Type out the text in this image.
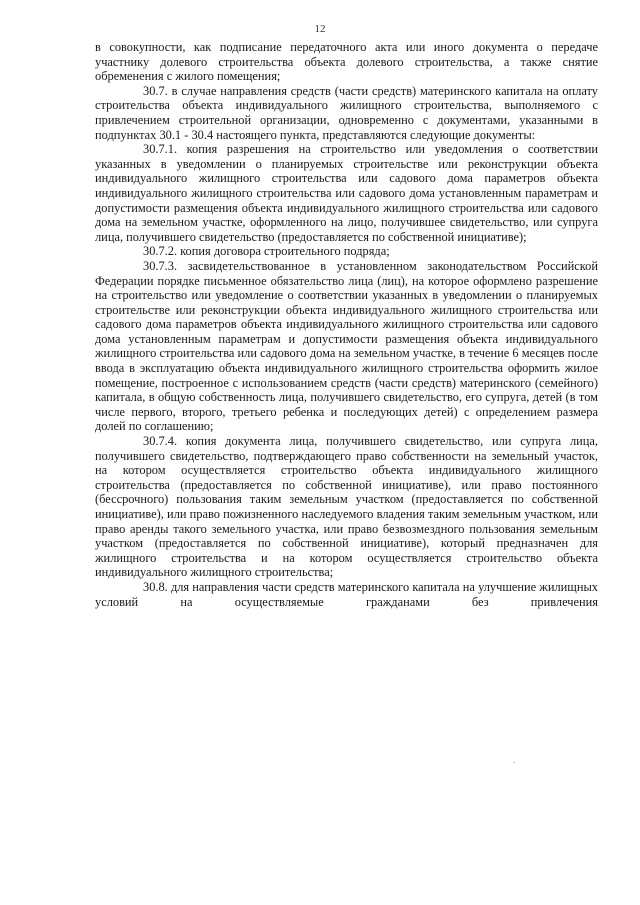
12

в совокупности, как подписание передаточного акта или иного документа о передаче участнику долевого строительства объекта долевого строительства, а также снятие обременения с жилого помещения;

30.7. в случае направления средств (части средств) материнского капитала на оплату строительства объекта индивидуального жилищного строительства, выполняемого с привлечением строительной организации, одновременно с документами, указанными в подпунктах 30.1 - 30.4 настоящего пункта, представляются следующие документы:

30.7.1. копия разрешения на строительство или уведомления о соответствии указанных в уведомлении о планируемых строительстве или реконструкции объекта индивидуального жилищного строительства или садового дома параметров объекта индивидуального жилищного строительства или садового дома установленным параметрам и допустимости размещения объекта индивидуального жилищного строительства или садового дома на земельном участке, оформленного на лицо, получившее свидетельство, или супруга лица, получившего свидетельство (предоставляется по собственной инициативе);

30.7.2. копия договора строительного подряда;

30.7.3. засвидетельствованное в установленном законодательством Российской Федерации порядке письменное обязательство лица (лиц), на которое оформлено разрешение на строительство или уведомление о соответствии указанных в уведомлении о планируемых строительстве или реконструкции объекта индивидуального жилищного строительства или садового дома параметров объекта индивидуального жилищного строительства или садового дома установленным параметрам и допустимости размещения объекта индивидуального жилищного строительства или садового дома на земельном участке, в течение 6 месяцев после ввода в эксплуатацию объекта индивидуального жилищного строительства оформить жилое помещение, построенное с использованием средств (части средств) материнского (семейного) капитала, в общую собственность лица, получившего свидетельство, его супруга, детей (в том числе первого, второго, третьего ребенка и последующих детей) с определением размера долей по соглашению;

30.7.4. копия документа лица, получившего свидетельство, или супруга лица, получившего свидетельство, подтверждающего право собственности на земельный участок, на котором осуществляется строительство объекта индивидуального жилищного строительства (предоставляется по собственной инициативе), или право постоянного (бессрочного) пользования таким земельным участком (предоставляется по собственной инициативе), или право пожизненного наследуемого владения таким земельным участком, или право аренды такого земельного участка, или право безвозмездного пользования земельным участком (предоставляется по собственной инициативе), который предназначен для жилищного строительства и на котором осуществляется строительство объекта индивидуального жилищного строительства;

30.8. для направления части средств материнского капитала на улучшение жилищных условий на осуществляемые гражданами без привлечения
